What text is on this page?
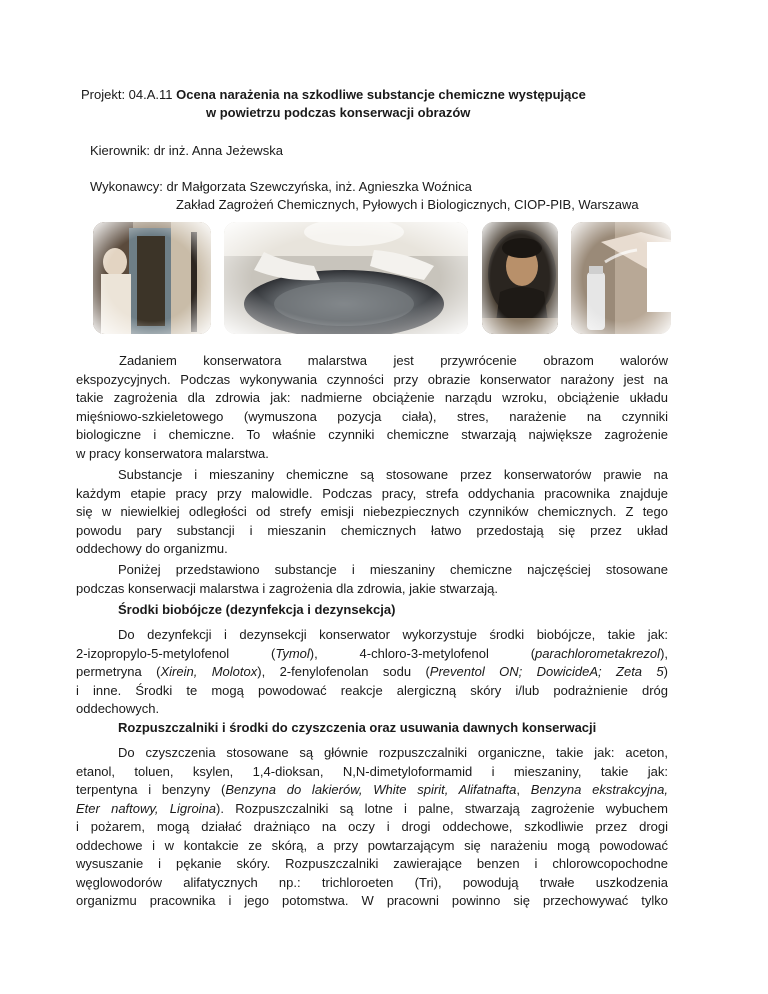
Projekt: 04.A.11 Ocena narażenia na szkodliwe substancje chemiczne występujące
w powietrzu podczas konserwacji obrazów
Kierownik: dr inż. Anna Jeżewska
Wykonawcy: dr Małgorzata Szewczyńska, inż. Agnieszka Woźnica
Zakład Zagrożeń Chemicznych, Pyłowych i Biologicznych, CIOP-PIB, Warszawa
Zadaniem konserwatora malarstwa jest przywrócenie obrazom walorów
ekspozycyjnych. Podczas wykonywania czynności przy obrazie konserwator narażony jest na
takie zagrożenia dla zdrowia jak: nadmierne obciążenie narządu wzroku, obciążenie układu
mięśniowo-szkieletowego (wymuszona pozycja ciała), stres, narażenie na czynniki
biologiczne i chemiczne. To właśnie czynniki chemiczne stwarzają największe zagrożenie
w pracy konserwatora malarstwa.
Substancje i mieszaniny chemiczne są stosowane przez konserwatorów prawie na
każdym etapie pracy przy malowidle. Podczas pracy, strefa oddychania pracownika znajduje
się w niewielkiej odległości od strefy emisji niebezpiecznych czynników chemicznych. Z tego
powodu pary substancji i mieszanin chemicznych łatwo przedostają się przez układ
oddechowy do organizmu.
Poniżej przedstawiono substancje i mieszaniny chemiczne najczęściej stosowane
podczas konserwacji malarstwa i zagrożenia dla zdrowia, jakie stwarzają.
Środki biobójcze (dezynfekcja i dezynsekcja)
Do dezynfekcji i dezynsekcji konserwator wykorzystuje środki biobójcze, takie jak:
2-izopropylo-5-metylofenol (Tymol), 4-chloro-3-metylofenol (parachlorometakrezol),
permetryna (Xirein, Molotox), 2-fenylofenolan sodu (Preventol ON; DowicideA; Zeta 5)
i inne. Środki te mogą powodować reakcje alergiczną skóry i/lub podrażnienie dróg
oddechowych.
Rozpuszczalniki i środki do czyszczenia oraz usuwania dawnych konserwacji
Do czyszczenia stosowane są głównie rozpuszczalniki organiczne, takie jak: aceton,
etanol, toluen, ksylen, 1,4-dioksan, N,N-dimetyloformamid i mieszaniny, takie jak:
terpentyna i benzyny (Benzyna do lakierów, White spirit, Alifatnafta, Benzyna ekstrakcyjna,
Eter naftowy, Ligroina). Rozpuszczalniki są lotne i palne, stwarzają zagrożenie wybuchem
i pożarem, mogą działać drażniąco na oczy i drogi oddechowe, szkodliwie przez drogi
oddechowe i w kontakcie ze skórą, a przy powtarzającym się narażeniu mogą powodować
wysuszanie i pękanie skóry. Rozpuszczalniki zawierające benzen i chlorowcopochodne
węglowodorów alifatycznych np.: trichloroeten (Tri), powodują trwałe uszkodzenia
organizmu pracownika i jego potomstwa. W pracowni powinno się przechowywać tylko
